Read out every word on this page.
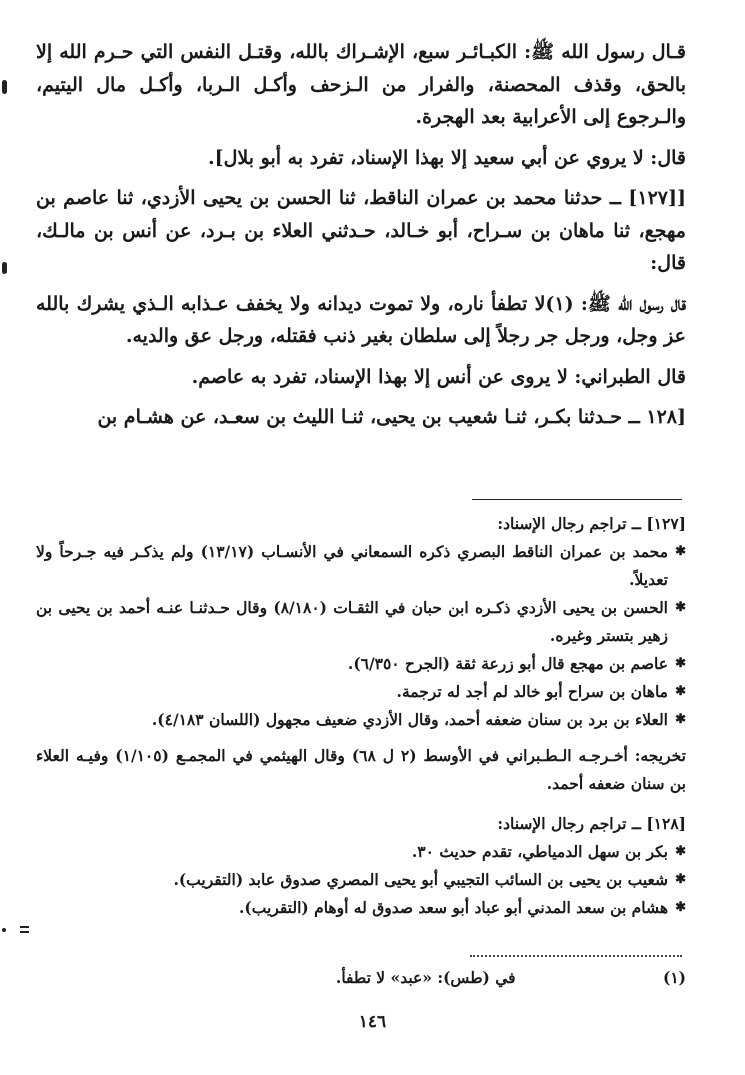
قـال رسول الله ﷺ: الكبـائـر سبع، الإشـراك بالله، وقتـل النفس التي حـرم الله إلا بالحق، وقذف المحصنة، والفرار من الـزحف وأكـل الـربا، وأكـل مال اليتيم، والـرجوع إلى الأعرابية بعد الهجرة.

قال: لا يروي عن أبي سعيد إلا بهذا الإسناد، تفرد به أبو بلال].

[[١٢٧] ــ حدثنا محمد بن عمران الناقط، ثنا الحسن بن يحيى الأزدي، ثنا عاصم بن مهجع، ثنا ماهان بن سـراح، أبو خـالد، حـدثني العلاء بن بـرد، عن أنس بن مالـك، قال:

قال رسول الله ﷺ: (١)لا تطفأ ناره، ولا تموت ديدانه ولا يخفف عـذابه الـذي يشرك بالله عز وجل، ورجل جر رجلاً إلى سلطان بغير ذنب فقتله، ورجل عق والديه.

قال الطبراني: لا يروى عن أنس إلا بهذا الإسناد، تفرد به عاصم.

[١٢٨ ــ حـدثنا بكـر، ثنـا شعيب بن يحيى، ثنـا الليث بن سعـد، عن هشـام بن

[١٢٧] ــ تراجم رجال الإسناد:

✱
محمد بن عمران الناقط البصري ذكره السمعاني في الأنسـاب (١٣/١٧) ولم يذكـر فيه جـرحاً ولا تعديلاً.

✱
الحسن بن يحيى الأزدي ذكـره ابن حبان في الثقـات (٨/١٨٠) وقال حـدثنـا عنـه أحمد بن يحيى بن زهير بتستر وغيره.

✱
عاصم بن مهجع قال أبو زرعة ثقة (الجرح ٦/٣٥٠).

✱
ماهان بن سراح أبو خالد لم أجد له ترجمة.

✱
العلاء بن برد بن سنان ضعفه أحمد، وقال الأزدي ضعيف مجهول (اللسان ٤/١٨٣).

تخريجه: أخـرجـه الـطـبراني في الأوسط (٢ ل ٦٨) وقال الهيثمي في المجمـع (١/١٠٥) وفيـه العلاء بن سنان ضعفه أحمد.

[١٢٨] ــ تراجم رجال الإسناد:

✱
بكر بن سهل الدمياطي، تقدم حديث ٣٠.

✱
شعيب بن يحيى بن السائب التجيبي أبو يحيى المصري صدوق عابد (التقريب).

✱
هشام بن سعد المدني أبو عباد أبو سعد صدوق له أوهام (التقريب).

(١) في (طس): «عبد» لا تطفأ.
١٤٦
